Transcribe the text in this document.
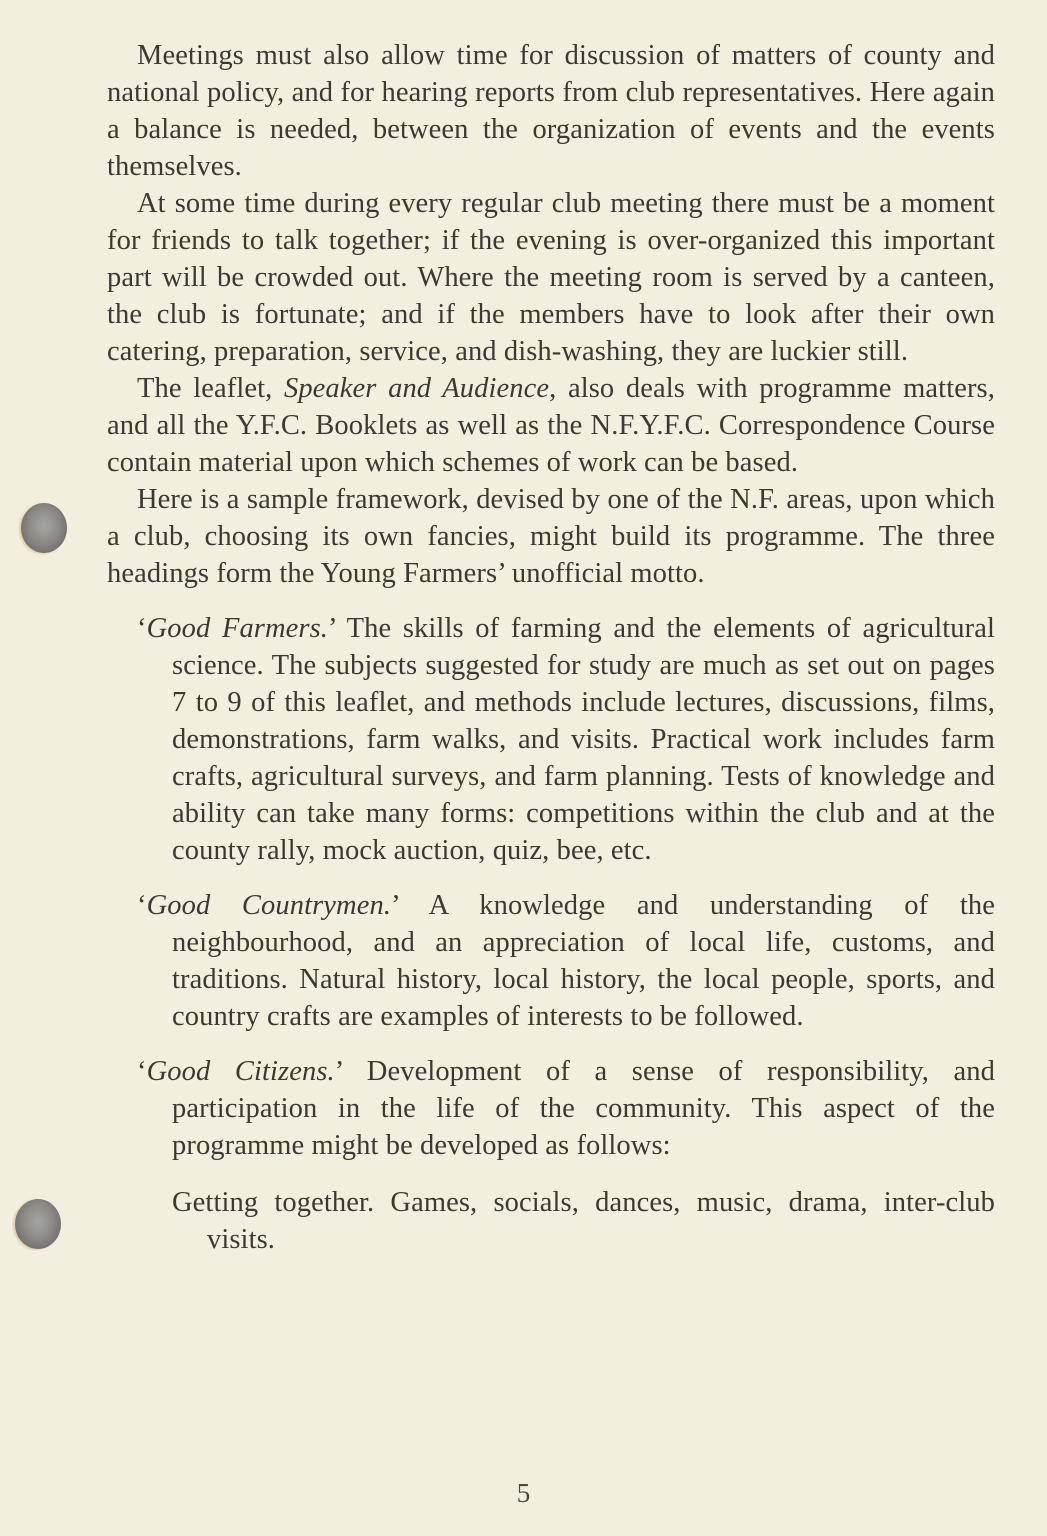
Meetings must also allow time for discussion of matters of county and national policy, and for hearing reports from club representatives. Here again a balance is needed, between the organization of events and the events themselves.

At some time during every regular club meeting there must be a moment for friends to talk together; if the evening is over-organized this important part will be crowded out. Where the meeting room is served by a canteen, the club is fortunate; and if the members have to look after their own catering, preparation, service, and dish-washing, they are luckier still.

The leaflet, Speaker and Audience, also deals with programme matters, and all the Y.F.C. Booklets as well as the N.F.Y.F.C. Correspondence Course contain material upon which schemes of work can be based.

Here is a sample framework, devised by one of the N.F. areas, upon which a club, choosing its own fancies, might build its programme. The three headings form the Young Farmers’ unofficial motto.

‘Good Farmers.’ The skills of farming and the elements of agricultural science. The subjects suggested for study are much as set out on pages 7 to 9 of this leaflet, and methods include lectures, discussions, films, demonstrations, farm walks, and visits. Practical work includes farm crafts, agricultural surveys, and farm planning. Tests of knowledge and ability can take many forms: competitions within the club and at the county rally, mock auction, quiz, bee, etc.

‘Good Countrymen.’ A knowledge and understanding of the neighbourhood, and an appreciation of local life, customs, and traditions. Natural history, local history, the local people, sports, and country crafts are examples of interests to be followed.

‘Good Citizens.’ Development of a sense of responsibility, and participation in the life of the community. This aspect of the programme might be developed as follows:

Getting together. Games, socials, dances, music, drama, inter-club visits.

5
